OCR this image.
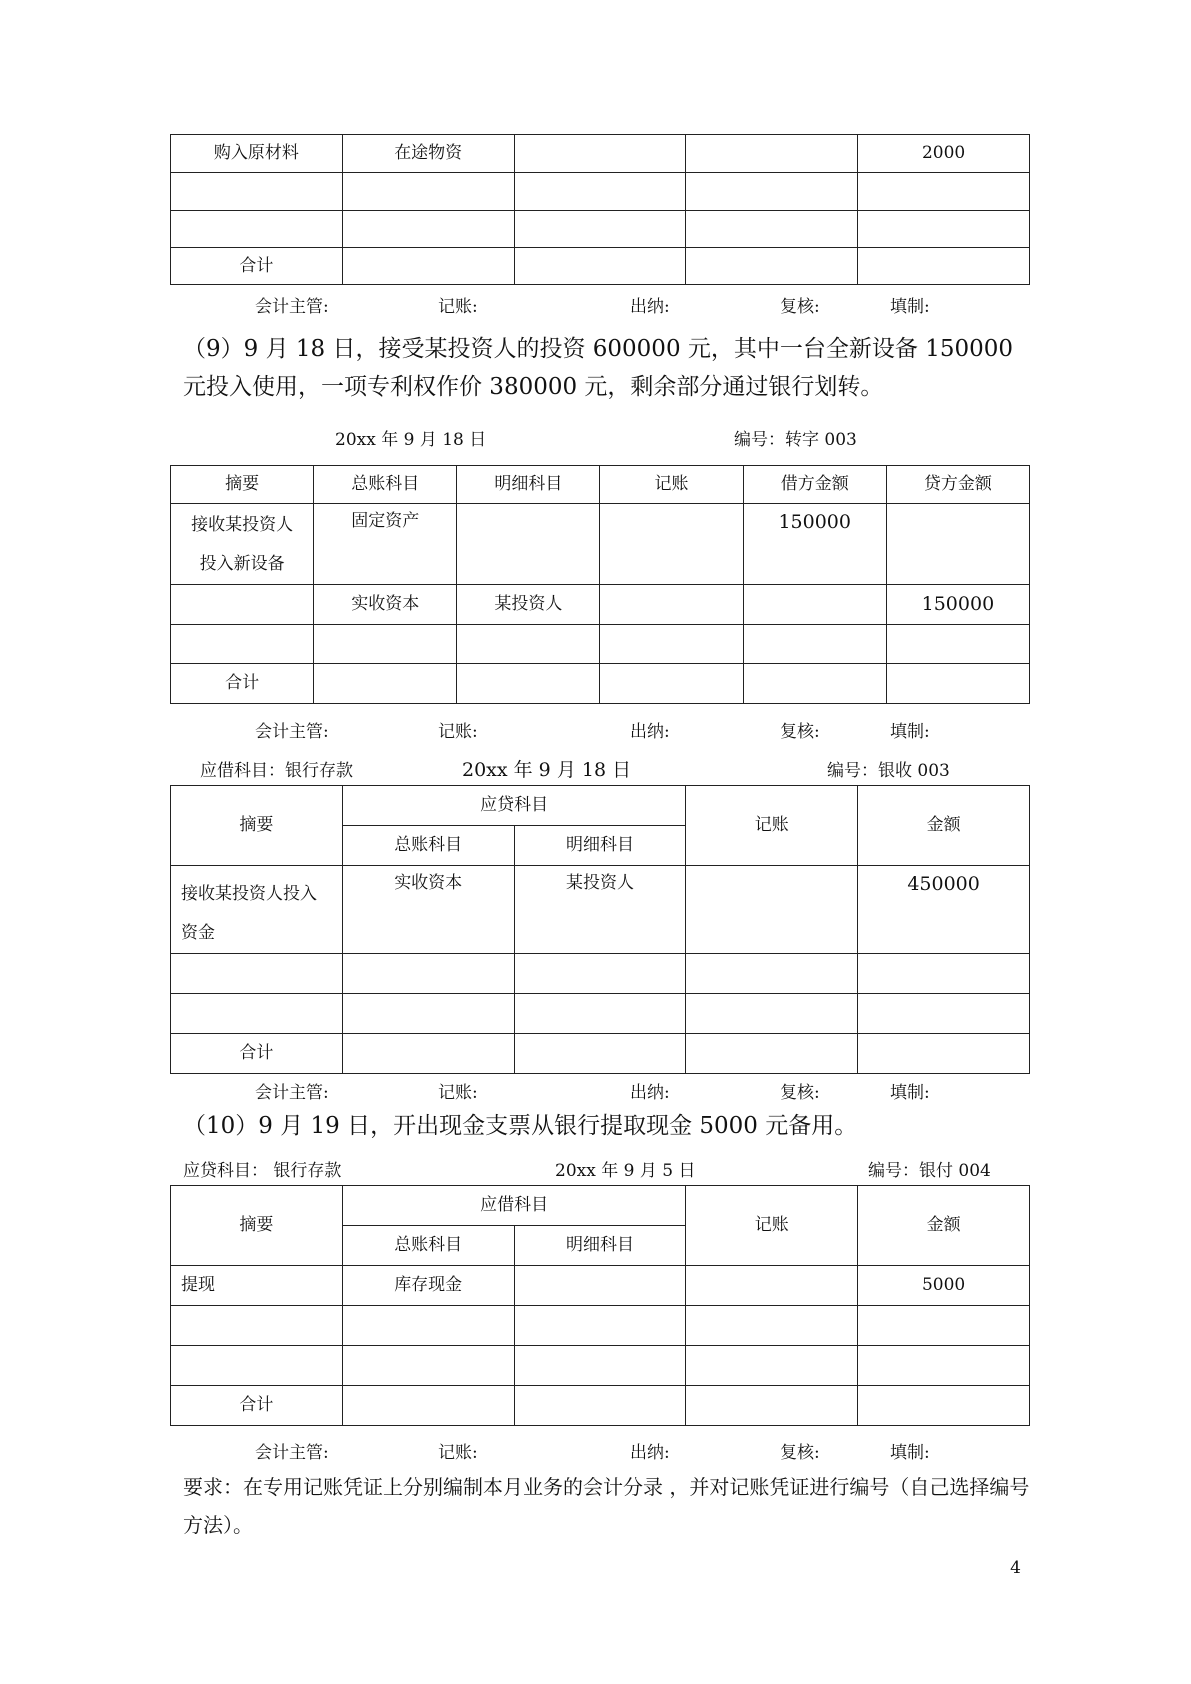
购入原材料	在途物资			2000

合计				
会计主管:	记账:	出纳:	复核:	填制:
（9）9 月 18 日，接受某投资人的投资 600000 元，其中一台全新设备 150000 元投入使用，一项专利权作价 380000 元，剩余部分通过银行划转。
20xx 年 9 月 18 日	编号：转字 003
摘要	总账科目	明细科目	记账	借方金额	贷方金额
接收某投资人投入新设备	固定资产			150000	
	实收资本	某投资人			150000

合计					
会计主管:	记账:	出纳:	复核:	填制:
应借科目：银行存款	20xx 年 9 月 18 日	编号：银收 003
摘要	应贷科目		记账	金额
	总账科目	明细科目		
接收某投资人投入资金	实收资本	某投资人		450000

合计				
会计主管:	记账:	出纳:	复核:	填制:
（10）9 月 19 日，开出现金支票从银行提取现金 5000 元备用。
应贷科目： 银行存款	20xx 年 9 月 5 日	编号：银付 004
摘要	应借科目		记账	金额
	总账科目	明细科目		
提现	库存现金			5000

合计				
会计主管:	记账:	出纳:	复核:	填制:
要求：在专用记账凭证上分别编制本月业务的会计分录 ，并对记账凭证进行编号（自己选择编号方法）。
4
